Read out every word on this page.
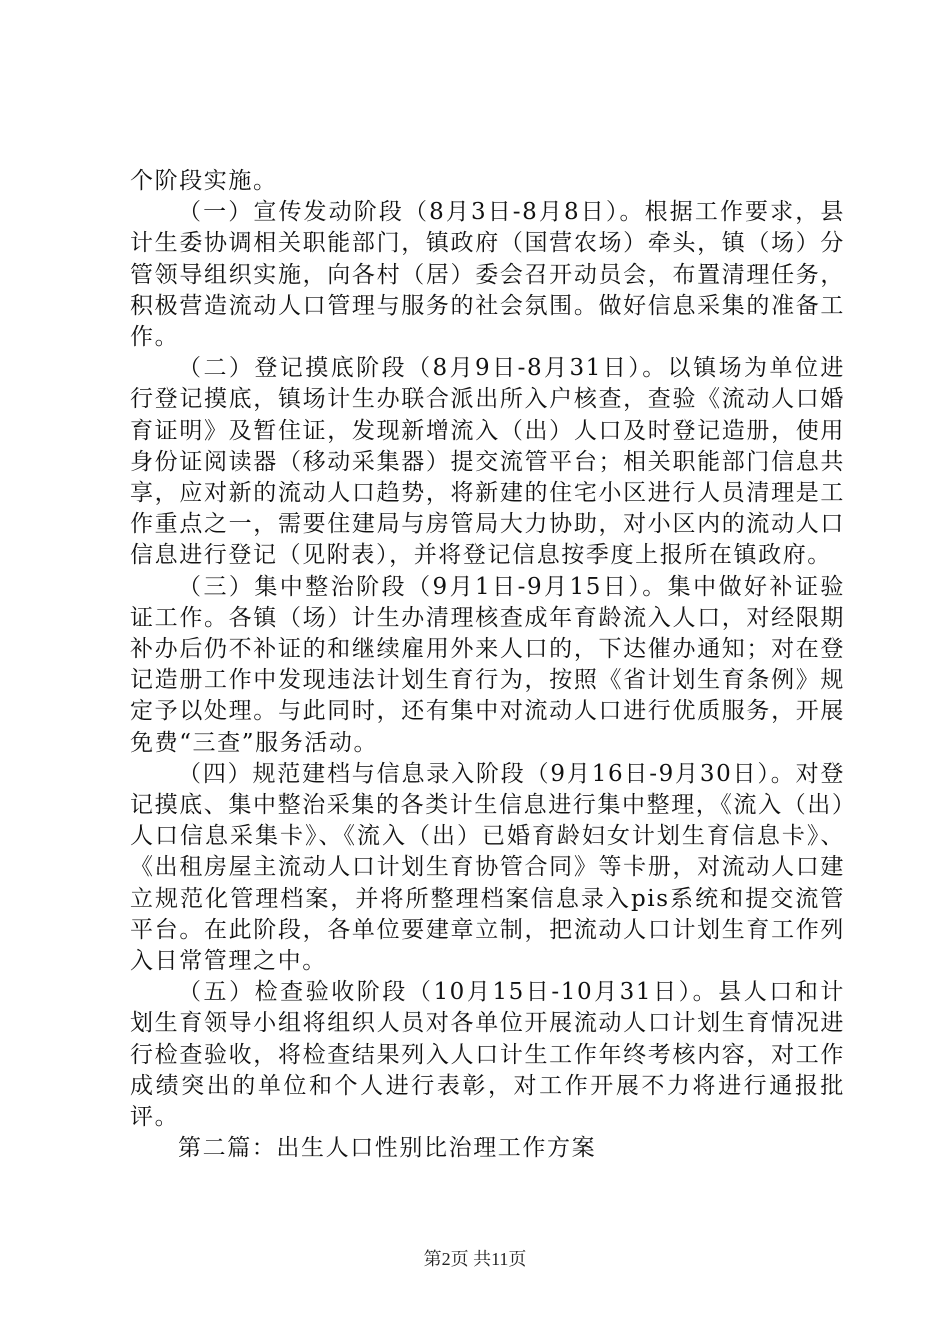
个阶段实施。

（一）宣传发动阶段（8月3日-8月8日）。根据工作要求，县计生委协调相关职能部门，镇政府（国营农场）牵头，镇（场）分管领导组织实施，向各村（居）委会召开动员会，布置清理任务，积极营造流动人口管理与服务的社会氛围。做好信息采集的准备工作。

（二）登记摸底阶段（8月9日-8月31日）。以镇场为单位进行登记摸底，镇场计生办联合派出所入户核查，查验《流动人口婚育证明》及暂住证，发现新增流入（出）人口及时登记造册，使用身份证阅读器（移动采集器）提交流管平台；相关职能部门信息共享，应对新的流动人口趋势，将新建的住宅小区进行人员清理是工作重点之一，需要住建局与房管局大力协助，对小区内的流动人口信息进行登记（见附表），并将登记信息按季度上报所在镇政府。

（三）集中整治阶段（9月1日-9月15日）。集中做好补证验证工作。各镇（场）计生办清理核查成年育龄流入人口，对经限期补办后仍不补证的和继续雇用外来人口的，下达催办通知；对在登记造册工作中发现违法计划生育行为，按照《省计划生育条例》规定予以处理。与此同时，还有集中对流动人口进行优质服务，开展免费“三查”服务活动。

（四）规范建档与信息录入阶段（9月16日-9月30日）。对登记摸底、集中整治采集的各类计生信息进行集中整理，《流入（出）人口信息采集卡》、《流入（出）已婚育龄妇女计划生育信息卡》、《出租房屋主流动人口计划生育协管合同》等卡册，对流动人口建立规范化管理档案，并将所整理档案信息录入pis系统和提交流管平台。在此阶段，各单位要建章立制，把流动人口计划生育工作列入日常管理之中。

（五）检查验收阶段（10月15日-10月31日）。县人口和计划生育领导小组将组织人员对各单位开展流动人口计划生育情况进行检查验收，将检查结果列入人口计生工作年终考核内容，对工作成绩突出的单位和个人进行表彰，对工作开展不力将进行通报批评。

第二篇：出生人口性别比治理工作方案

第2页 共11页
